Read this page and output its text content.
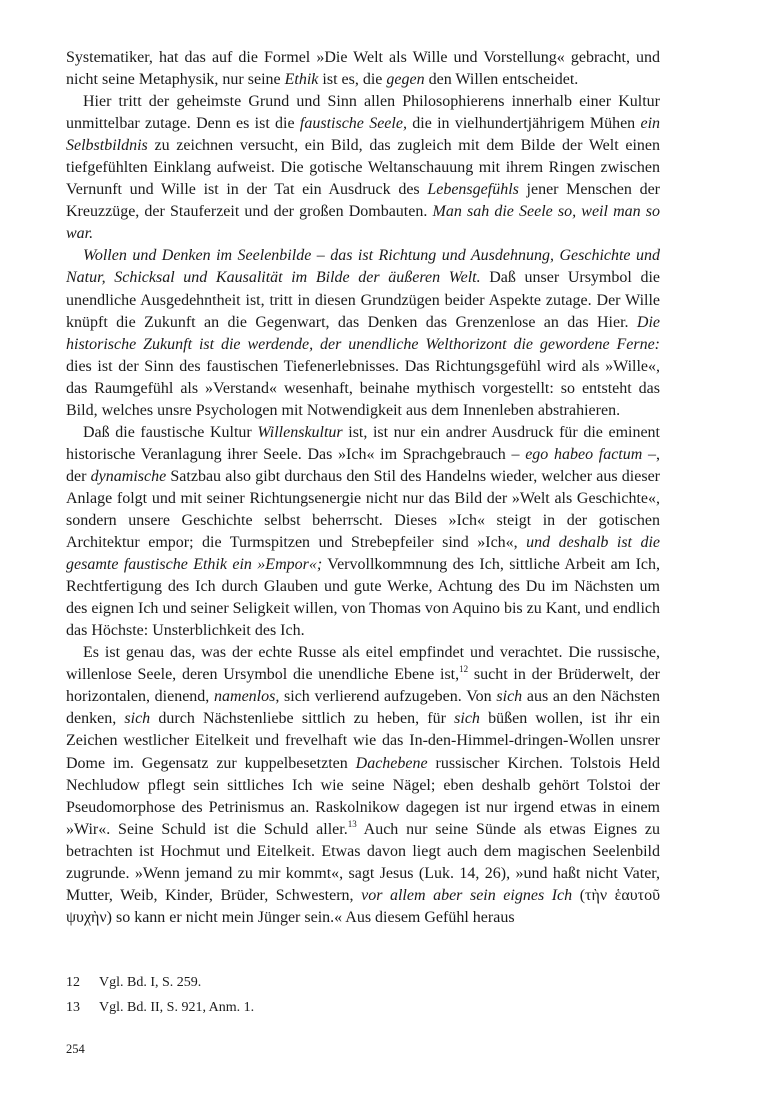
Systematiker, hat das auf die Formel »Die Welt als Wille und Vorstellung« gebracht, und nicht seine Metaphysik, nur seine Ethik ist es, die gegen den Willen entscheidet.

Hier tritt der geheimste Grund und Sinn allen Philosophierens innerhalb einer Kultur unmittelbar zutage. Denn es ist die faustische Seele, die in vielhundertjährigem Mühen ein Selbstbildnis zu zeichnen versucht, ein Bild, das zugleich mit dem Bilde der Welt einen tiefgefühlten Einklang aufweist. Die gotische Weltanschauung mit ihrem Ringen zwischen Vernunft und Wille ist in der Tat ein Ausdruck des Lebensgefühls jener Menschen der Kreuzzüge, der Stauferzeit und der großen Dombauten. Man sah die Seele so, weil man so war.

Wollen und Denken im Seelenbilde – das ist Richtung und Ausdehnung, Geschichte und Natur, Schicksal und Kausalität im Bilde der äußeren Welt. Daß unser Ursymbol die unendliche Ausgedehntheit ist, tritt in diesen Grundzügen beider Aspekte zutage. Der Wille knüpft die Zukunft an die Gegenwart, das Denken das Grenzenlose an das Hier. Die historische Zukunft ist die werdende, der unendliche Welthorizont die gewordene Ferne: dies ist der Sinn des faustischen Tiefenerlebnisses. Das Richtungsgefühl wird als »Wille«, das Raumgefühl als »Verstand« wesenhaft, beinahe mythisch vorgestellt: so entsteht das Bild, welches unsre Psychologen mit Notwendigkeit aus dem Innenleben abstrahieren.

Daß die faustische Kultur Willenskultur ist, ist nur ein andrer Ausdruck für die eminent historische Veranlagung ihrer Seele. Das »Ich« im Sprachgebrauch – ego habeo factum –, der dynamische Satzbau also gibt durchaus den Stil des Handelns wieder, welcher aus dieser Anlage folgt und mit seiner Richtungsenergie nicht nur das Bild der »Welt als Geschichte«, sondern unsere Geschichte selbst beherrscht. Dieses »Ich« steigt in der gotischen Architektur empor; die Turmspitzen und Strebepfeiler sind »Ich«, und deshalb ist die gesamte faustische Ethik ein »Empor«; Vervollkommnung des Ich, sittliche Arbeit am Ich, Rechtfertigung des Ich durch Glauben und gute Werke, Achtung des Du im Nächsten um des eignen Ich und seiner Seligkeit willen, von Thomas von Aquino bis zu Kant, und endlich das Höchste: Unsterblichkeit des Ich.

Es ist genau das, was der echte Russe als eitel empfindet und verachtet. Die russische, willenlose Seele, deren Ursymbol die unendliche Ebene ist,$^{12}$ sucht in der Brüderwelt, der horizontalen, dienend, namenlos, sich verlierend aufzugeben. Von sich aus an den Nächsten denken, sich durch Nächstenliebe sittlich zu heben, für sich büßen wollen, ist ihr ein Zeichen westlicher Eitelkeit und frevelhaft wie das In-den-Himmel-dringen-Wollen unsrer Dome im. Gegensatz zur kuppelbesetzten Dachebene russischer Kirchen. Tolstois Held Nechludow pflegt sein sittliches Ich wie seine Nägel; eben deshalb gehört Tolstoi der Pseudomorphose des Petrinismus an. Raskolnikow dagegen ist nur irgend etwas in einem »Wir«. Seine Schuld ist die Schuld aller.$^{13}$ Auch nur seine Sünde als etwas Eignes zu betrachten ist Hochmut und Eitelkeit. Etwas davon liegt auch dem magischen Seelenbild zugrunde. »Wenn jemand zu mir kommt«, sagt Jesus (Luk. 14, 26), »und haßt nicht Vater, Mutter, Weib, Kinder, Brüder, Schwestern, vor allem aber sein eignes Ich (τὴν ἑαυτοῦ ψυχὴν) so kann er nicht mein Jünger sein.« Aus diesem Gefühl heraus

12	Vgl. Bd. I, S. 259.
13	Vgl. Bd. II, S. 921, Anm. 1.
254
